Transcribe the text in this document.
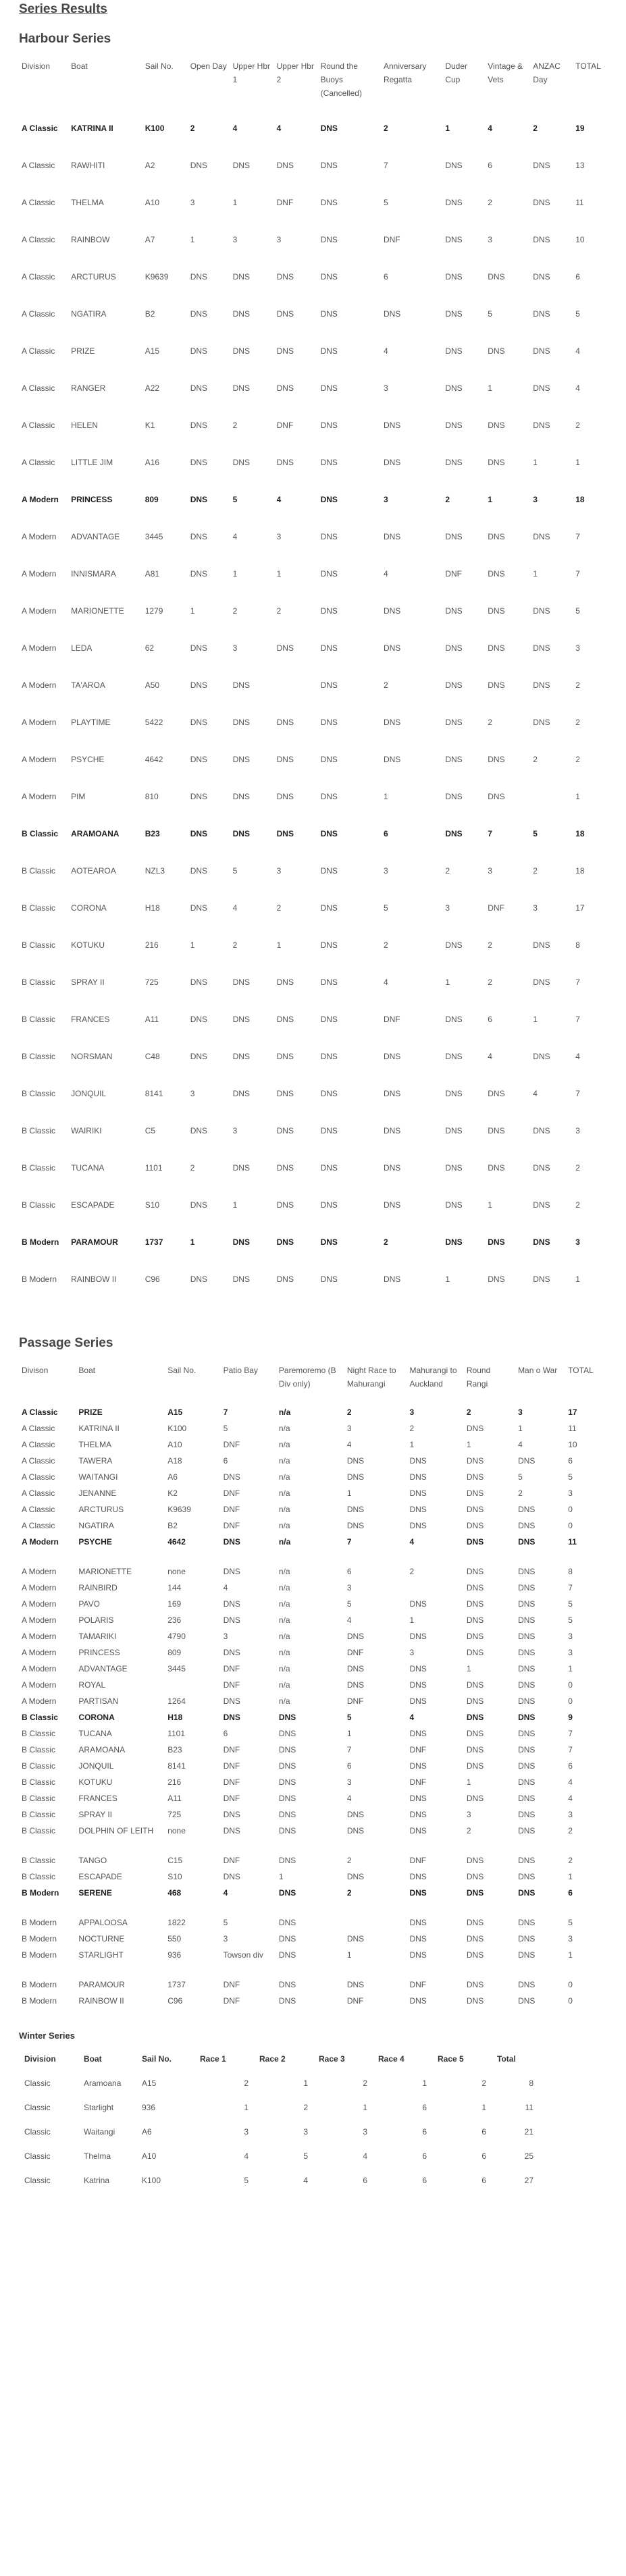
Series Results
Harbour Series
Division	Boat	Sail No.	Open Day	Upper Hbr 1	Upper Hbr 2	Round the Buoys (Cancelled)	Anniversary Regatta	Duder Cup	Vintage & Vets	ANZAC Day	TOTAL
A Classic	KATRINA II	K100	2	4	4	DNS	2	1	4	2	19
A Classic	RAWHITI	A2	DNS	DNS	DNS	DNS	7	DNS	6	DNS	13
A Classic	THELMA	A10	3	1	DNF	DNS	5	DNS	2	DNS	11
A Classic	RAINBOW	A7	1	3	3	DNS	DNF	DNS	3	DNS	10
A Classic	ARCTURUS	K9639	DNS	DNS	DNS	DNS	6	DNS	DNS	DNS	6
A Classic	NGATIRA	B2	DNS	DNS	DNS	DNS	DNS	DNS	5	DNS	5
A Classic	PRIZE	A15	DNS	DNS	DNS	DNS	4	DNS	DNS	DNS	4
A Classic	RANGER	A22	DNS	DNS	DNS	DNS	3	DNS	1	DNS	4
A Classic	HELEN	K1	DNS	2	DNF	DNS	DNS	DNS	DNS	DNS	2
A Classic	LITTLE JIM	A16	DNS	DNS	DNS	DNS	DNS	DNS	DNS	1	1
A Modern	PRINCESS	809	DNS	5	4	DNS	3	2	1	3	18
A Modern	ADVANTAGE	3445	DNS	4	3	DNS	DNS	DNS	DNS	DNS	7
A Modern	INNISMARA	A81	DNS	1	1	DNS	4	DNF	DNS	1	7
A Modern	MARIONETTE	1279	1	2	2	DNS	DNS	DNS	DNS	DNS	5
A Modern	LEDA	62	DNS	3	DNS	DNS	DNS	DNS	DNS	DNS	3
A Modern	TA'AROA	A50	DNS	DNS		DNS	2	DNS	DNS	DNS	2
A Modern	PLAYTIME	5422	DNS	DNS	DNS	DNS	DNS	DNS	2	DNS	2
A Modern	PSYCHE	4642	DNS	DNS	DNS	DNS	DNS	DNS	DNS	2	2
A Modern	PIM	810	DNS	DNS	DNS	DNS	1	DNS	DNS		1
B Classic	ARAMOANA	B23	DNS	DNS	DNS	DNS	6	DNS	7	5	18
B Classic	AOTEAROA	NZL3	DNS	5	3	DNS	3	2	3	2	18
B Classic	CORONA	H18	DNS	4	2	DNS	5	3	DNF	3	17
B Classic	KOTUKU	216	1	2	1	DNS	2	DNS	2	DNS	8
B Classic	SPRAY II	725	DNS	DNS	DNS	DNS	4	1	2	DNS	7
B Classic	FRANCES	A11	DNS	DNS	DNS	DNS	DNF	DNS	6	1	7
B Classic	NORSMAN	C48	DNS	DNS	DNS	DNS	DNS	DNS	4	DNS	4
B Classic	JONQUIL	8141	3	DNS	DNS	DNS	DNS	DNS	DNS	4	7
B Classic	WAIRIKI	C5	DNS	3	DNS	DNS	DNS	DNS	DNS	DNS	3
B Classic	TUCANA	1101	2	DNS	DNS	DNS	DNS	DNS	DNS	DNS	2
B Classic	ESCAPADE	S10	DNS	1	DNS	DNS	DNS	DNS	1	DNS	2
B Modern	PARAMOUR	1737	1	DNS	DNS	DNS	2	DNS	DNS	DNS	3
B Modern	RAINBOW II	C96	DNS	DNS	DNS	DNS	DNS	1	DNS	DNS	1
Passage Series
Divison	Boat	Sail No.	Patio Bay	Paremoremo (B Div only)	Night Race to Mahurangi	Mahurangi to Auckland	Round Rangi	Man o War	TOTAL
A Classic	PRIZE	A15	7	n/a	2	3	2	3	17
A Classic	KATRINA II	K100	5	n/a	3	2	DNS	1	11
A Classic	THELMA	A10	DNF	n/a	4	1	1	4	10
A Classic	TAWERA	A18	6	n/a	DNS	DNS	DNS	DNS	6
A Classic	WAITANGI	A6	DNS	n/a	DNS	DNS	DNS	5	5
A Classic	JENANNE	K2	DNF	n/a	1	DNS	DNS	2	3
A Classic	ARCTURUS	K9639	DNF	n/a	DNS	DNS	DNS	DNS	0
A Classic	NGATIRA	B2	DNF	n/a	DNS	DNS	DNS	DNS	0
A Modern	PSYCHE	4642	DNS	n/a	7	4	DNS	DNS	11
A Modern	MARIONETTE	none	DNS	n/a	6	2	DNS	DNS	8
A Modern	RAINBIRD	144	4	n/a	3		DNS	DNS	7
A Modern	PAVO	169	DNS	n/a	5	DNS	DNS	DNS	5
A Modern	POLARIS	236	DNS	n/a	4	1	DNS	DNS	5
A Modern	TAMARIKI	4790	3	n/a	DNS	DNS	DNS	DNS	3
A Modern	PRINCESS	809	DNS	n/a	DNF	3	DNS	DNS	3
A Modern	ADVANTAGE	3445	DNF	n/a	DNS	DNS	1	DNS	1
A Modern	ROYAL		DNF	n/a	DNS	DNS	DNS	DNS	0
A Modern	PARTISAN	1264	DNS	n/a	DNF	DNS	DNS	DNS	0
B Classic	CORONA	H18	DNS	DNS	5	4	DNS	DNS	9
B Classic	TUCANA	1101	6	DNS	1	DNS	DNS	DNS	7
B Classic	ARAMOANA	B23	DNF	DNS	7	DNF	DNS	DNS	7
B Classic	JONQUIL	8141	DNF	DNS	6	DNS	DNS	DNS	6
B Classic	KOTUKU	216	DNF	DNS	3	DNF	1	DNS	4
B Classic	FRANCES	A11	DNF	DNS	4	DNS	DNS	DNS	4
B Classic	SPRAY II	725	DNS	DNS	DNS	DNS	3	DNS	3
B Classic	DOLPHIN OF LEITH	none	DNS	DNS	DNS	DNS	2	DNS	2
B Classic	TANGO	C15	DNF	DNS	2	DNF	DNS	DNS	2
B Classic	ESCAPADE	S10	DNS	1	DNS	DNS	DNS	DNS	1
B Modern	SERENE	468	4	DNS	2	DNS	DNS	DNS	6
B Modern	APPALOOSA	1822	5	DNS		DNS	DNS	DNS	5
B Modern	NOCTURNE	550	3	DNS	DNS	DNS	DNS	DNS	3
B Modern	STARLIGHT	936	Towson div	DNS	1	DNS	DNS	DNS	1
B Modern	PARAMOUR	1737	DNF	DNS	DNS	DNF	DNS	DNS	0
B Modern	RAINBOW II	C96	DNF	DNS	DNF	DNS	DNS	DNS	0
Winter Series
Division	Boat	Sail No.	Race 1	Race 2	Race 3	Race 4	Race 5	Total
Classic	Aramoana	A15	2	1	2	1	2	8
Classic	Starlight	936	1	2	1	6	1	11
Classic	Waitangi	A6	3	3	3	6	6	21
Classic	Thelma	A10	4	5	4	6	6	25
Classic	Katrina	K100	5	4	6	6	6	27
